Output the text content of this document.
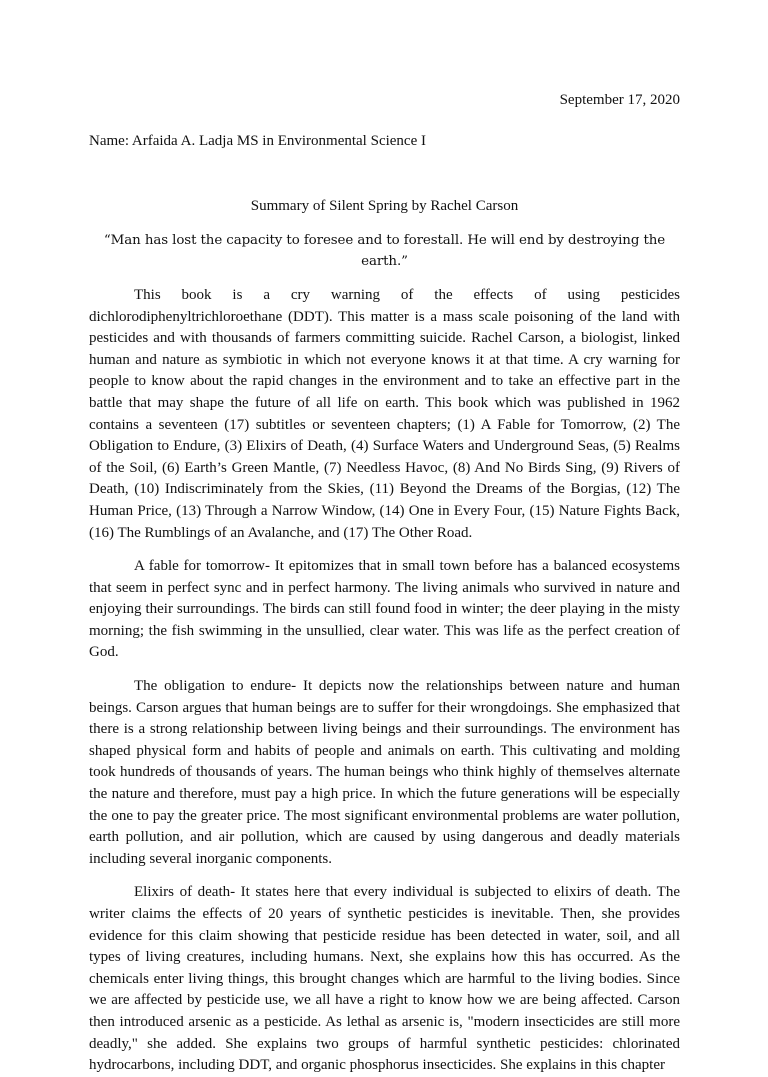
September 17, 2020

Name: Arfaida A. Ladja MS in Environmental Science I

Summary of Silent Spring by Rachel Carson

“Man has lost the capacity to foresee and to forestall. He will end by destroying the earth.”

This book is a cry warning of the effects of using pesticides dichlorodiphenyltrichloroethane (DDT). This matter is a mass scale poisoning of the land with pesticides and with thousands of farmers committing suicide. Rachel Carson, a biologist, linked human and nature as symbiotic in which not everyone knows it at that time. A cry warning for people to know about the rapid changes in the environment and to take an effective part in the battle that may shape the future of all life on earth. This book which was published in 1962 contains a seventeen (17) subtitles or seventeen chapters; (1) A Fable for Tomorrow, (2) The Obligation to Endure, (3) Elixirs of Death, (4) Surface Waters and Underground Seas, (5) Realms of the Soil, (6) Earth’s Green Mantle, (7) Needless Havoc, (8) And No Birds Sing, (9) Rivers of Death, (10) Indiscriminately from the Skies, (11) Beyond the Dreams of the Borgias, (12) The Human Price, (13) Through a Narrow Window, (14) One in Every Four, (15) Nature Fights Back, (16) The Rumblings of an Avalanche, and (17) The Other Road.

A fable for tomorrow- It epitomizes that in small town before has a balanced ecosystems that seem in perfect sync and in perfect harmony. The living animals who survived in nature and enjoying their surroundings. The birds can still found food in winter; the deer playing in the misty morning; the fish swimming in the unsullied, clear water. This was life as the perfect creation of God.

The obligation to endure- It depicts now the relationships between nature and human beings. Carson argues that human beings are to suffer for their wrongdoings. She emphasized that there is a strong relationship between living beings and their surroundings. The environment has shaped physical form and habits of people and animals on earth. This cultivating and molding took hundreds of thousands of years. The human beings who think highly of themselves alternate the nature and therefore, must pay a high price. In which the future generations will be especially the one to pay the greater price. The most significant environmental problems are water pollution, earth pollution, and air pollution, which are caused by using dangerous and deadly materials including several inorganic components.

Elixirs of death- It states here that every individual is subjected to elixirs of death. The writer claims the effects of 20 years of synthetic pesticides is inevitable. Then, she provides evidence for this claim showing that pesticide residue has been detected in water, soil, and all types of living creatures, including humans. Next, she explains how this has occurred. As the chemicals enter living things, this brought changes which are harmful to the living bodies. Since we are affected by pesticide use, we all have a right to know how we are being affected. Carson then introduced arsenic as a pesticide. As lethal as arsenic is, "modern insecticides are still more deadly," she added. She explains two groups of harmful synthetic pesticides: chlorinated hydrocarbons, including DDT, and organic phosphorus insecticides. She explains in this chapter
